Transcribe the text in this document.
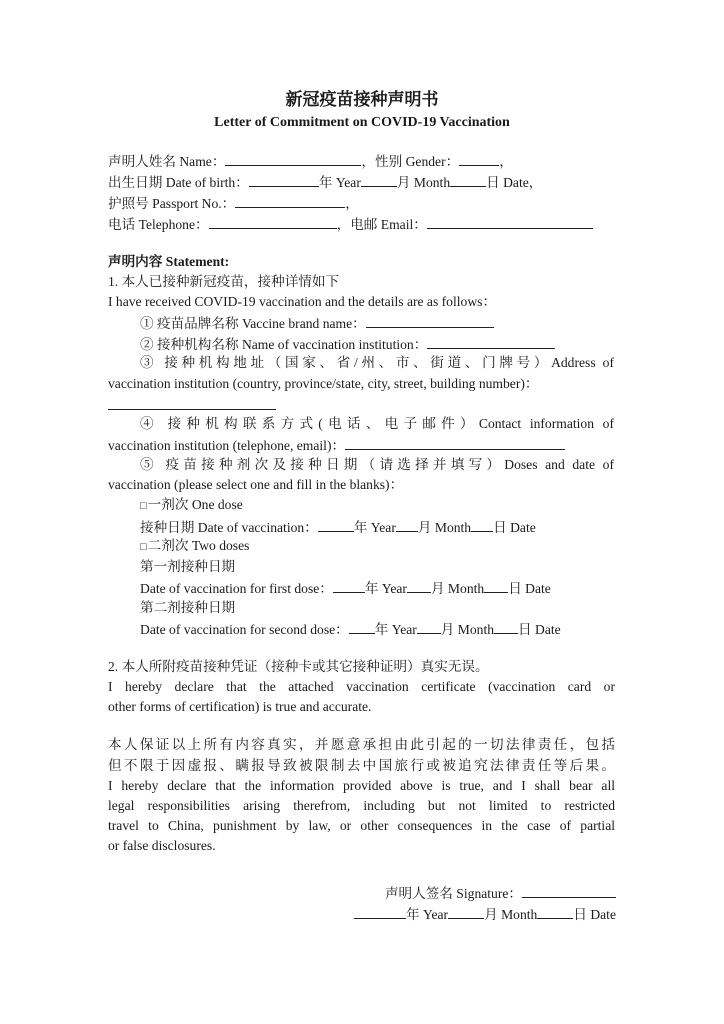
新冠疫苗接种声明书
Letter of Commitment on COVID-19 Vaccination
声明人姓名 Name：	，性别 Gender：	，
出生日期 Date of birth：	年 Year	月 Month	日 Date，
护照号 Passport No.：	，
电话 Telephone：	，电邮 Email：
声明内容 Statement:
1. 本人已接种新冠疫苗，接种详情如下
I have received COVID-19 vaccination and the details are as follows：
① 疫苗品牌名称 Vaccine brand name：
② 接种机构名称 Name of vaccination institution：
③ 接种机构地址（国家、省/州、市、街道、门牌号）Address of
vaccination institution (country, province/state, city, street, building number)：
④ 接种机构联系方式(电话、电子邮件）Contact information of
vaccination institution (telephone, email)：
⑤ 疫苗接种剂次及接种日期（请选择并填写）Doses and date of
vaccination (please select one and fill in the blanks)：
□一剂次 One dose
接种日期 Date of vaccination：	年 Year 月 Month 日 Date
□二剂次 Two doses
第一剂接种日期
Date of vaccination for first dose： 年 Year 月 Month 日 Date
第二剂接种日期
Date of vaccination for second dose： 年 Year 月 Month 日 Date
2. 本人所附疫苗接种凭证（接种卡或其它接种证明）真实无误。
I hereby declare that the attached vaccination certificate (vaccination card or
other forms of certification) is true and accurate.
本人保证以上所有内容真实，并愿意承担由此引起的一切法律责任，包括
但不限于因虚报、瞒报导致被限制去中国旅行或被追究法律责任等后果。
I hereby declare that the information provided above is true, and I shall bear all
legal responsibilities arising therefrom, including but not limited to restricted
travel to China, punishment by law, or other consequences in the case of partial
or false disclosures.
声明人签名 Signature：
年 Year	月 Month	日 Date
